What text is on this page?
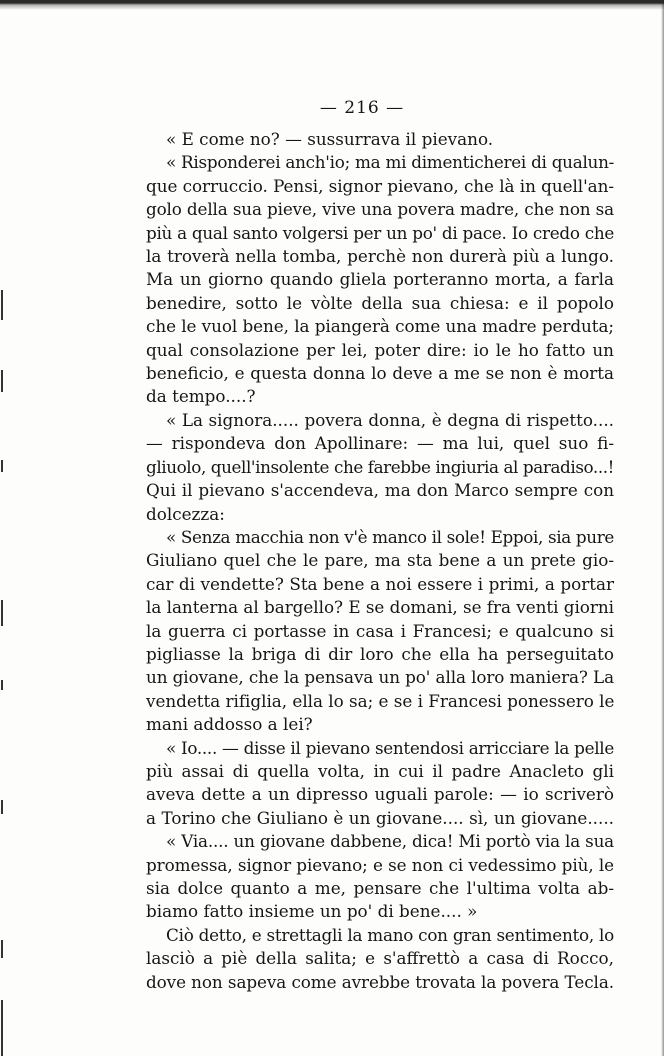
— 216 —
« E come no? — sussurrava il pievano.
« Risponderei anch'io; ma mi dimenticherei di qualun-
que corruccio. Pensi, signor pievano, che là in quell'an-
golo della sua pieve, vive una povera madre, che non sa
più a qual santo volgersi per un po' di pace. Io credo che
la troverà nella tomba, perchè non durerà più a lungo.
Ma un giorno quando gliela porteranno morta, a farla
benedire, sotto le vòlte della sua chiesa: e il popolo
che le vuol bene, la piangerà come una madre perduta;
qual consolazione per lei, poter dire: io le ho fatto un
beneficio, e questa donna lo deve a me se non è morta
da tempo....?
« La signora..... povera donna, è degna di rispetto....
— rispondeva don Apollinare: — ma lui, quel suo fi-
gliuolo, quell'insolente che farebbe ingiuria al paradiso...!
Qui il pievano s'accendeva, ma don Marco sempre con
dolcezza:
« Senza macchia non v'è manco il sole! Eppoi, sia pure
Giuliano quel che le pare, ma sta bene a un prete gio-
car di vendette? Sta bene a noi essere i primi, a portar
la lanterna al bargello? E se domani, se fra venti giorni
la guerra ci portasse in casa i Francesi; e qualcuno si
pigliasse la briga di dir loro che ella ha perseguitato
un giovane, che la pensava un po' alla loro maniera? La
vendetta rifiglia, ella lo sa; e se i Francesi ponessero le
mani addosso a lei?
« Io.... — disse il pievano sentendosi arricciare la pelle
più assai di quella volta, in cui il padre Anacleto gli
aveva dette a un dipresso uguali parole: — io scriverò
a Torino che Giuliano è un giovane.... sì, un giovane.....
« Via.... un giovane dabbene, dica! Mi portò via la sua
promessa, signor pievano; e se non ci vedessimo più, le
sia dolce quanto a me, pensare che l'ultima volta ab-
biamo fatto insieme un po' di bene.... »
Ciò detto, e strettagli la mano con gran sentimento, lo
lasciò a piè della salita; e s'affrettò a casa di Rocco,
dove non sapeva come avrebbe trovata la povera Tecla.
